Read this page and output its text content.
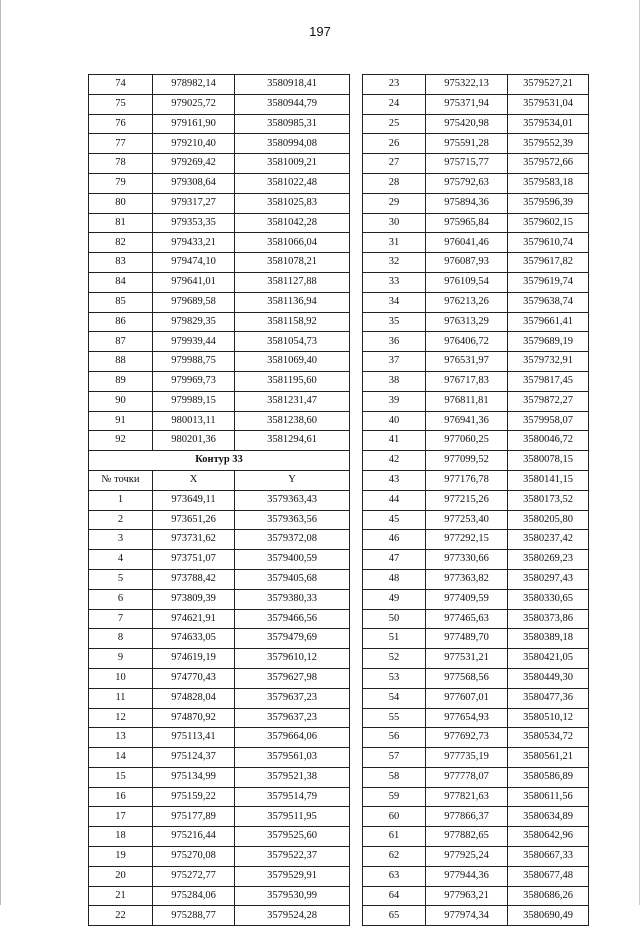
197
74	978982,14	3580918,41
75	979025,72	3580944,79
76	979161,90	3580985,31
77	979210,40	3580994,08
78	979269,42	3581009,21
79	979308,64	3581022,48
80	979317,27	3581025,83
81	979353,35	3581042,28
82	979433,21	3581066,04
83	979474,10	3581078,21
84	979641,01	3581127,88
85	979689,58	3581136,94
86	979829,35	3581158,92
87	979939,44	3581054,73
88	979988,75	3581069,40
89	979969,73	3581195,60
90	979989,15	3581231,47
91	980013,11	3581238,60
92	980201,36	3581294,61
Контур 33		
№ точки	X	Y
1	973649,11	3579363,43
2	973651,26	3579363,56
3	973731,62	3579372,08
4	973751,07	3579400,59
5	973788,42	3579405,68
6	973809,39	3579380,33
7	974621,91	3579466,56
8	974633,05	3579479,69
9	974619,19	3579610,12
10	974770,43	3579627,98
11	974828,04	3579637,23
12	974870,92	3579637,23
13	975113,41	3579664,06
14	975124,37	3579561,03
15	975134,99	3579521,38
16	975159,22	3579514,79
17	975177,89	3579511,95
18	975216,44	3579525,60
19	975270,08	3579522,37
20	975272,77	3579529,91
21	975284,06	3579530,99
22	975288,77	3579524,28
23	975322,13	3579527,21
24	975371,94	3579531,04
25	975420,98	3579534,01
26	975591,28	3579552,39
27	975715,77	3579572,66
28	975792,63	3579583,18
29	975894,36	3579596,39
30	975965,84	3579602,15
31	976041,46	3579610,74
32	976087,93	3579617,82
33	976109,54	3579619,74
34	976213,26	3579638,74
35	976313,29	3579661,41
36	976406,72	3579689,19
37	976531,97	3579732,91
38	976717,83	3579817,45
39	976811,81	3579872,27
40	976941,36	3579958,07
41	977060,25	3580046,72
42	977099,52	3580078,15
43	977176,78	3580141,15
44	977215,26	3580173,52
45	977253,40	3580205,80
46	977292,15	3580237,42
47	977330,66	3580269,23
48	977363,82	3580297,43
49	977409,59	3580330,65
50	977465,63	3580373,86
51	977489,70	3580389,18
52	977531,21	3580421,05
53	977568,56	3580449,30
54	977607,01	3580477,36
55	977654,93	3580510,12
56	977692,73	3580534,72
57	977735,19	3580561,21
58	977778,07	3580586,89
59	977821,63	3580611,56
60	977866,37	3580634,89
61	977882,65	3580642,96
62	977925,24	3580667,33
63	977944,36	3580677,48
64	977963,21	3580686,26
65	977974,34	3580690,49
